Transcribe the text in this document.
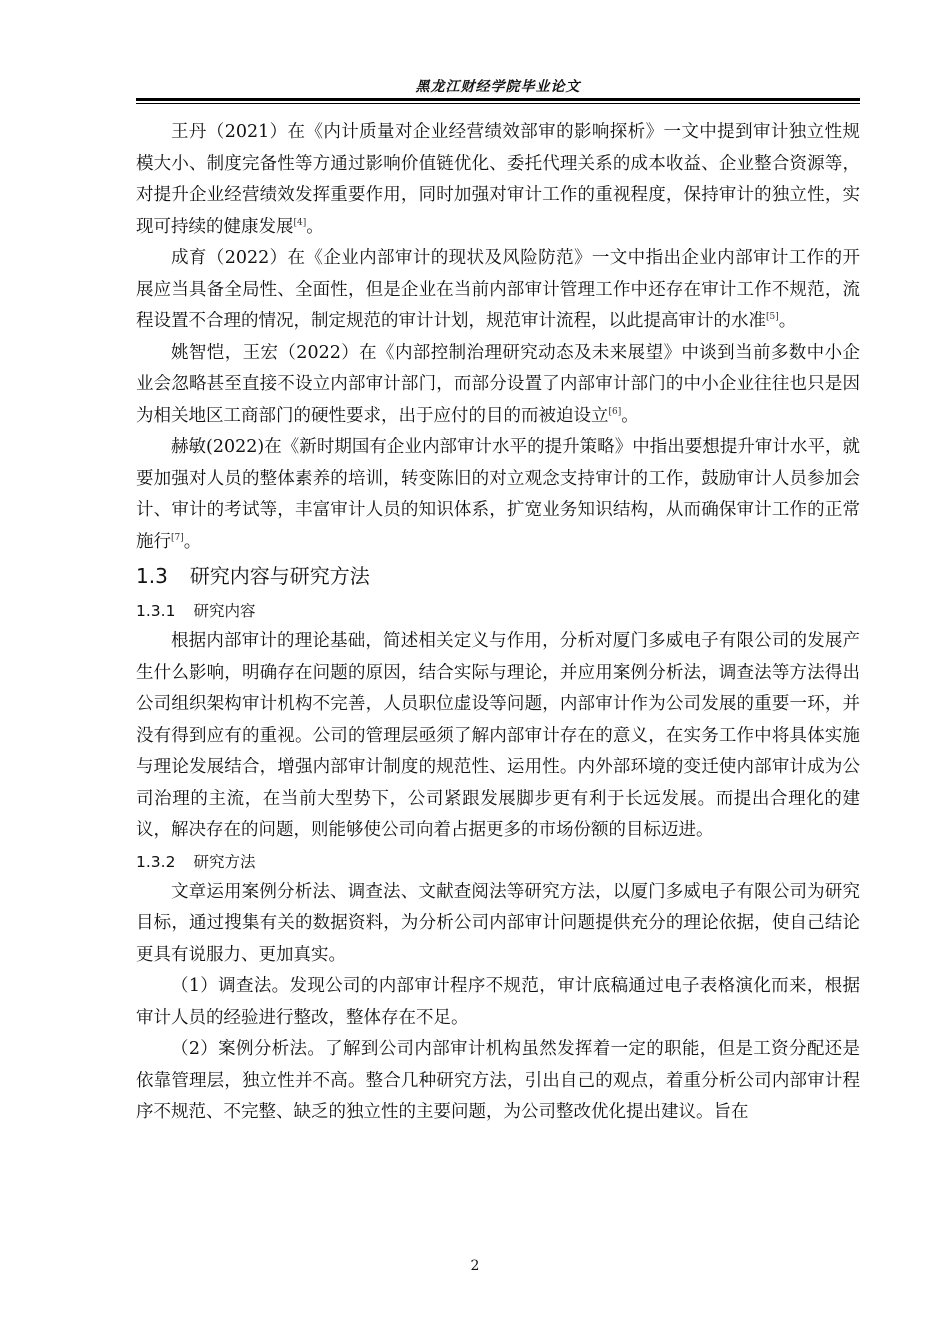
黑龙江财经学院毕业论文

王丹（2021）在《内计质量对企业经营绩效部审的影响探析》一文中提到审计独立性规模大小、制度完备性等方通过影响价值链优化、委托代理关系的成本收益、企业整合资源等，对提升企业经营绩效发挥重要作用，同时加强对审计工作的重视程度，保持审计的独立性，实现可持续的健康发展[4]。

成育（2022）在《企业内部审计的现状及风险防范》一文中指出企业内部审计工作的开展应当具备全局性、全面性，但是企业在当前内部审计管理工作中还存在审计工作不规范，流程设置不合理的情况，制定规范的审计计划，规范审计流程，以此提高审计的水准[5]。

姚智恺，王宏（2022）在《内部控制治理研究动态及未来展望》中谈到当前多数中小企业会忽略甚至直接不设立内部审计部门，而部分设置了内部审计部门的中小企业往往也只是因为相关地区工商部门的硬性要求，出于应付的目的而被迫设立[6]。

赫敏(2022)在《新时期国有企业内部审计水平的提升策略》中指出要想提升审计水平，就要加强对人员的整体素养的培训，转变陈旧的对立观念支持审计的工作，鼓励审计人员参加会计、审计的考试等，丰富审计人员的知识体系，扩宽业务知识结构，从而确保审计工作的正常施行[7]。

1.3 研究内容与研究方法
1.3.1 研究内容

根据内部审计的理论基础，简述相关定义与作用，分析对厦门多威电子有限公司的发展产生什么影响，明确存在问题的原因，结合实际与理论，并应用案例分析法，调查法等方法得出公司组织架构审计机构不完善，人员职位虚设等问题，内部审计作为公司发展的重要一环，并没有得到应有的重视。公司的管理层亟须了解内部审计存在的意义，在实务工作中将具体实施与理论发展结合，增强内部审计制度的规范性、运用性。内外部环境的变迁使内部审计成为公司治理的主流，在当前大型势下，公司紧跟发展脚步更有利于长远发展。而提出合理化的建议，解决存在的问题，则能够使公司向着占据更多的市场份额的目标迈进。

1.3.2 研究方法

文章运用案例分析法、调查法、文献查阅法等研究方法，以厦门多威电子有限公司为研究目标，通过搜集有关的数据资料，为分析公司内部审计问题提供充分的理论依据，使自己结论更具有说服力、更加真实。

（1）调查法。发现公司的内部审计程序不规范，审计底稿通过电子表格演化而来，根据审计人员的经验进行整改，整体存在不足。

（2）案例分析法。了解到公司内部审计机构虽然发挥着一定的职能，但是工资分配还是依靠管理层，独立性并不高。整合几种研究方法，引出自己的观点，着重分析公司内部审计程序不规范、不完整、缺乏的独立性的主要问题，为公司整改优化提出建议。旨在

2
